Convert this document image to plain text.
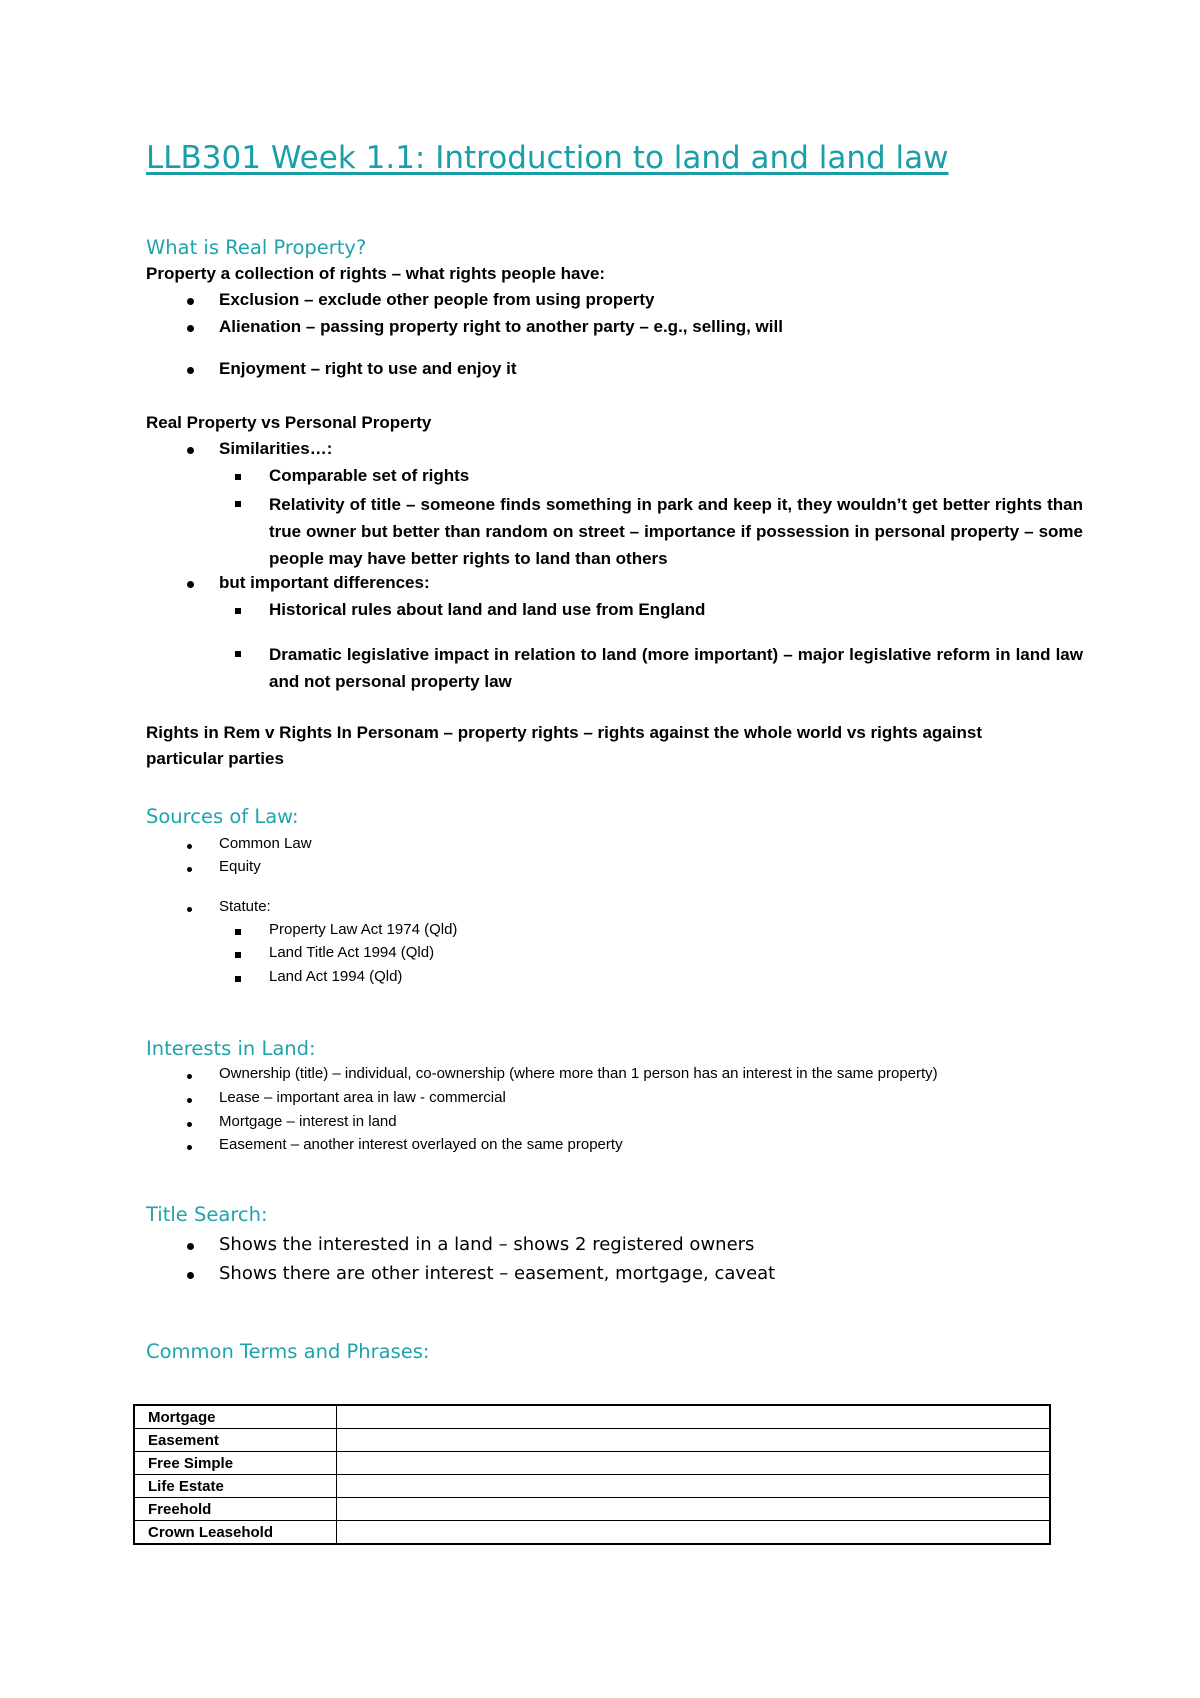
LLB301 Week 1.1: Introduction to land and land law
What is Real Property?
Property a collection of rights – what rights people have:
Exclusion – exclude other people from using property
Alienation – passing property right to another party – e.g., selling, will
Enjoyment – right to use and enjoy it
Real Property vs Personal Property
Similarities…:
Comparable set of rights
Relativity of title – someone finds something in park and keep it, they wouldn’t get better rights than true owner but better than random on street – importance if possession in personal property – some people may have better rights to land than others
but important differences:
Historical rules about land and land use from England
Dramatic legislative impact in relation to land (more important) – major legislative reform in land law and not personal property law
Rights in Rem v Rights In Personam – property rights – rights against the whole world vs rights against
particular parties
Sources of Law:
Common Law
Equity
Statute:
Property Law Act 1974 (Qld)
Land Title Act 1994 (Qld)
Land Act 1994 (Qld)
Interests in Land:
Ownership (title) – individual, co-ownership (where more than 1 person has an interest in the same property)
Lease – important area in law - commercial
Mortgage – interest in land
Easement – another interest overlayed on the same property
Title Search:
Shows the interested in a land – shows 2 registered owners
Shows there are other interest – easement, mortgage, caveat
Common Terms and Phrases:
Mortgage	
Easement	
Free Simple	
Life Estate	
Freehold	
Crown Leasehold	
